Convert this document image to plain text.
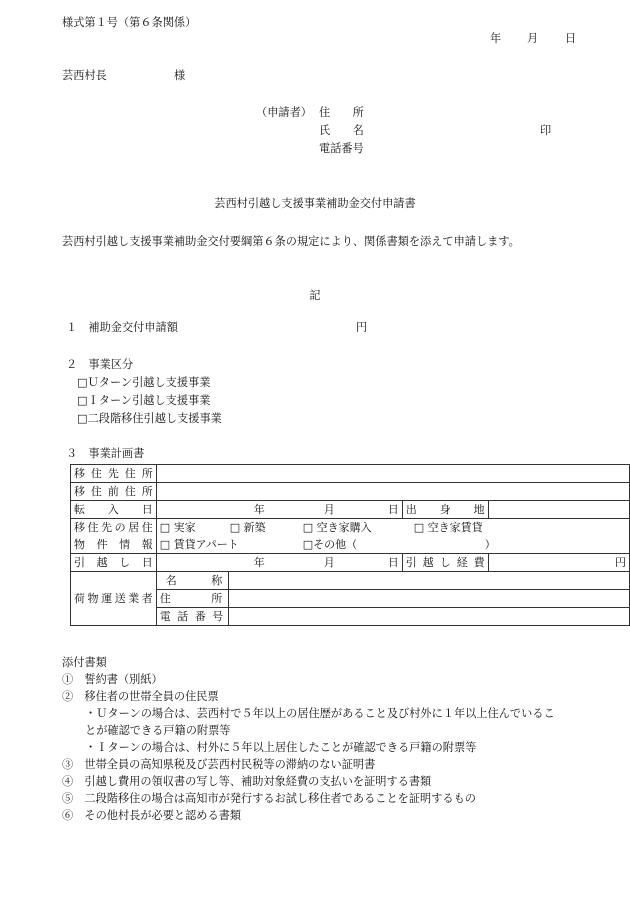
様式第１号（第６条関係）
年 月 日
芸西村長	様
（申請者） 住　　所
氏　　名	印
電話番号
芸西村引越し支援事業補助金交付申請書
芸西村引越し支援事業補助金交付要綱第６条の規定により、関係書類を添えて申請します。
記
１　補助金交付申請額	円
２　事業区分
□Ｕターン引越し支援事業
□Ｉターン引越し支援事業
□二段階移住引越し支援事業
３　事業計画書
移住先住所				
移住前住所				
転入日	年 月 日		出身地	
移住先の居住	□ 実家 □ 新築 □ 空き家購入 □ 空き家賃貸			
物件情報	□ 賃貸アパート □その他（ ）			
引越し日	年 月 日		引越し経費	円
荷物運送業者	名称			
	住所			
	電話番号			
添付書類
①　誓約書（別紙）
②　移住者の世帯全員の住民票
・Ｕターンの場合は、芸西村で５年以上の居住歴があること及び村外に１年以上住んでいるこ
とが確認できる戸籍の附票等
・Ｉターンの場合は、村外に５年以上居住したことが確認できる戸籍の附票等
③　世帯全員の高知県税及び芸西村民税等の滞納のない証明書
④　引越し費用の領収書の写し等、補助対象経費の支払いを証明する書類
⑤　二段階移住の場合は高知市が発行するお試し移住者であることを証明するもの
⑥　その他村長が必要と認める書類
